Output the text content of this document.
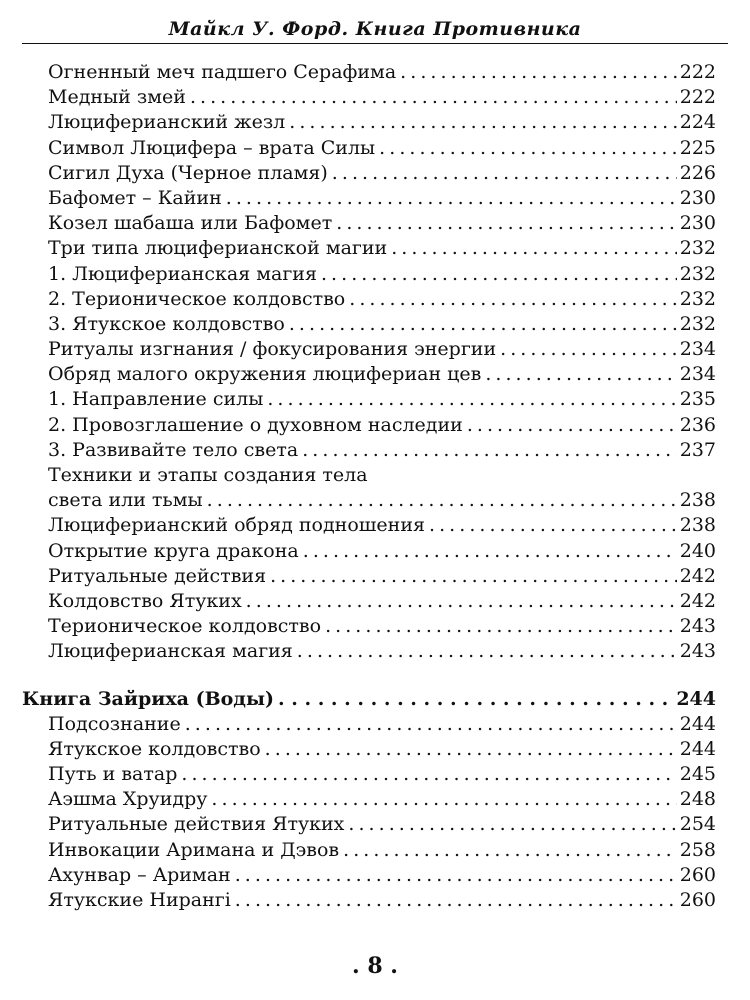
Майкл У. Форд. Книга Противника
Огненный меч падшего Серафима . . .	222
Медный змей . . .	222
Люциферианский жезл . . .	224
Символ Люцифера – врата Силы . . .	225
Сигил Духа (Черное пламя) . . .	226
Бафомет – Кайин . . .	230
Козел шабаша или Бафомет . . .	230
Три типа люциферианской магии . . .	232
1. Люциферианская магия . . .	232
2. Терионическое колдовство . . .	232
3. Ятукское колдовство . . .	232
Ритуалы изгнания / фокусирования энергии . . .	234
Обряд малого окружения люцифериан цев . . .	234
1. Направление силы . . .	235
2. Провозглашение о духовном наследии . . .	236
3. Развивайте тело света . . .	237
Техники и этапы создания тела
света или тьмы . . .	238
Люциферианский обряд подношения . . .	238
Открытие круга дракона . . .	240
Ритуальные действия . . .	242
Колдовство Ятуких . . .	242
Терионическое колдовство . . .	243
Люциферианская магия . . .	243
Книга Зайриха (Воды) . . .	244
Подсознание . . .	244
Ятукское колдовство . . .	244
Путь и ватар . . .	245
Аэшма Хруидру . . .	248
Ритуальные действия Ятуких . . .	254
Инвокации Аримана и Дэвов . . .	258
Ахунвар – Ариман . . .	260
Ятукские Нирангi . . .	260
. 8 .
